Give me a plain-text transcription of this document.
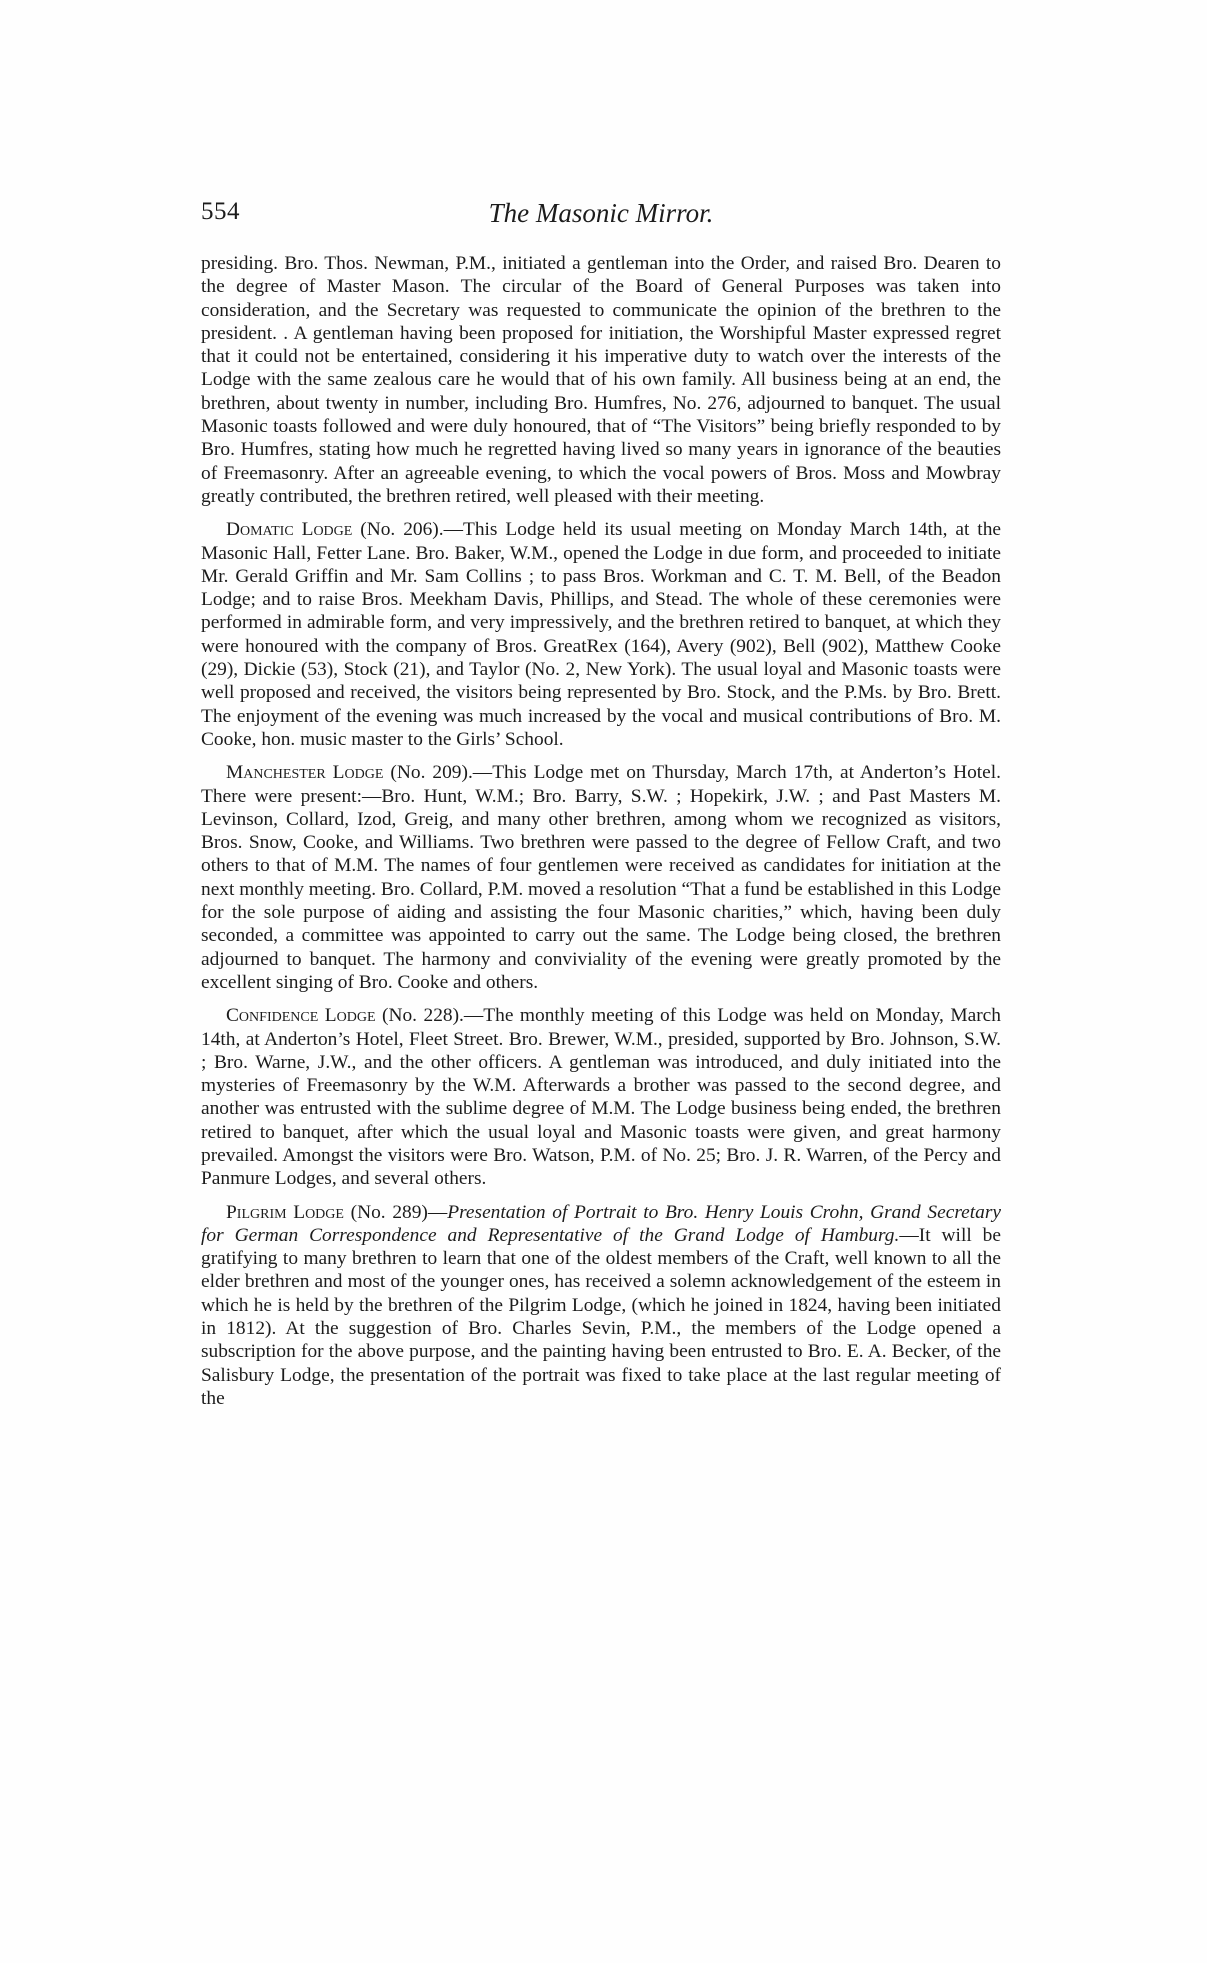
554	The Masonic Mirror.

presiding. Bro. Thos. Newman, P.M., initiated a gentleman into the Order, and raised Bro. Dearen to the degree of Master Mason. The circular of the Board of General Purposes was taken into consideration, and the Secretary was requested to communicate the opinion of the brethren to the president. . A gentleman having been proposed for initiation, the Worshipful Master expressed regret that it could not be entertained, considering it his imperative duty to watch over the interests of the Lodge with the same zealous care he would that of his own family. All business being at an end, the brethren, about twenty in number, including Bro. Humfres, No. 276, adjourned to banquet. The usual Masonic toasts followed and were duly honoured, that of “The Visitors” being briefly responded to by Bro. Humfres, stating how much he regretted having lived so many years in ignorance of the beauties of Freemasonry. After an agreeable evening, to which the vocal powers of Bros. Moss and Mowbray greatly contributed, the brethren retired, well pleased with their meeting.

Domatic Lodge (No. 206).—This Lodge held its usual meeting on Monday March 14th, at the Masonic Hall, Fetter Lane. Bro. Baker, W.M., opened the Lodge in due form, and proceeded to initiate Mr. Gerald Griffin and Mr. Sam Collins ; to pass Bros. Workman and C. T. M. Bell, of the Beadon Lodge; and to raise Bros. Meekham Davis, Phillips, and Stead. The whole of these ceremonies were performed in admirable form, and very impressively, and the brethren retired to banquet, at which they were honoured with the company of Bros. GreatRex (164), Avery (902), Bell (902), Matthew Cooke (29), Dickie (53), Stock (21), and Taylor (No. 2, New York). The usual loyal and Masonic toasts were well proposed and received, the visitors being represented by Bro. Stock, and the P.Ms. by Bro. Brett. The enjoyment of the evening was much increased by the vocal and musical contributions of Bro. M. Cooke, hon. music master to the Girls’ School.

Manchester Lodge (No. 209).—This Lodge met on Thursday, March 17th, at Anderton’s Hotel. There were present:—Bro. Hunt, W.M.; Bro. Barry, S.W. ; Hopekirk, J.W. ; and Past Masters M. Levinson, Collard, Izod, Greig, and many other brethren, among whom we recognized as visitors, Bros. Snow, Cooke, and Williams. Two brethren were passed to the degree of Fellow Craft, and two others to that of M.M. The names of four gentlemen were received as candidates for initiation at the next monthly meeting. Bro. Collard, P.M. moved a resolution “That a fund be established in this Lodge for the sole purpose of aiding and assisting the four Masonic charities,” which, having been duly seconded, a committee was appointed to carry out the same. The Lodge being closed, the brethren adjourned to banquet. The harmony and conviviality of the evening were greatly promoted by the excellent singing of Bro. Cooke and others.

Confidence Lodge (No. 228).—The monthly meeting of this Lodge was held on Monday, March 14th, at Anderton’s Hotel, Fleet Street. Bro. Brewer, W.M., presided, supported by Bro. Johnson, S.W. ; Bro. Warne, J.W., and the other officers. A gentleman was introduced, and duly initiated into the mysteries of Freemasonry by the W.M. Afterwards a brother was passed to the second degree, and another was entrusted with the sublime degree of M.M. The Lodge business being ended, the brethren retired to banquet, after which the usual loyal and Masonic toasts were given, and great harmony prevailed. Amongst the visitors were Bro. Watson, P.M. of No. 25; Bro. J. R. Warren, of the Percy and Panmure Lodges, and several others.

Pilgrim Lodge (No. 289)—Presentation of Portrait to Bro. Henry Louis Crohn, Grand Secretary for German Correspondence and Representative of the Grand Lodge of Hamburg.—It will be gratifying to many brethren to learn that one of the oldest members of the Craft, well known to all the elder brethren and most of the younger ones, has received a solemn acknowledgement of the esteem in which he is held by the brethren of the Pilgrim Lodge, (which he joined in 1824, having been initiated in 1812). At the suggestion of Bro. Charles Sevin, P.M., the members of the Lodge opened a subscription for the above purpose, and the painting having been entrusted to Bro. E. A. Becker, of the Salisbury Lodge, the presentation of the portrait was fixed to take place at the last regular meeting of the
